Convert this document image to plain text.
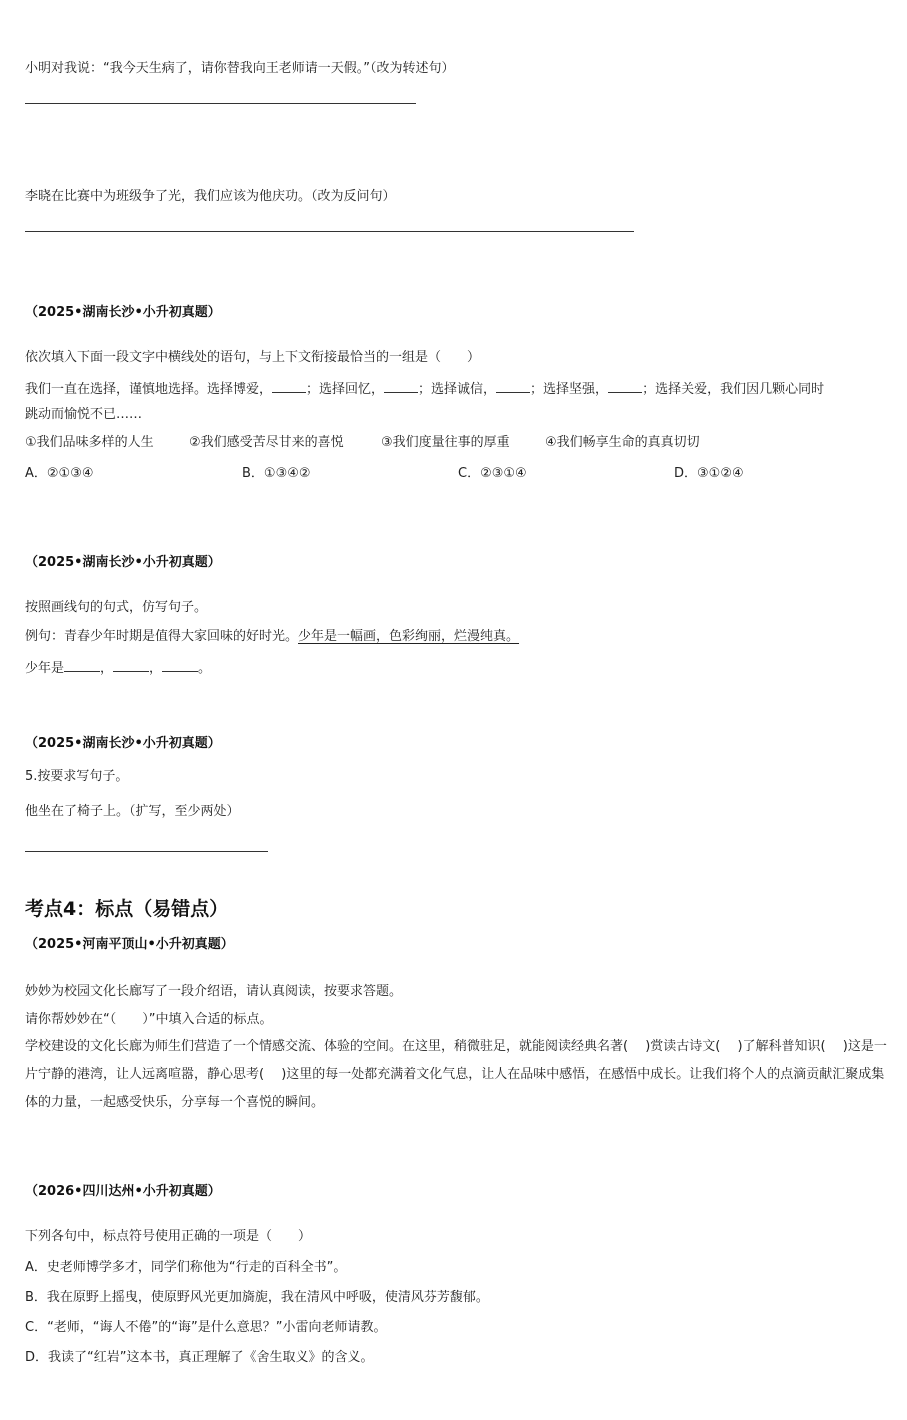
小明对我说：“我今天生病了，请你替我向王老师请一天假。”（改为转述句）
李晓在比赛中为班级争了光，我们应该为他庆功。（改为反问句）
（2025•湖南长沙•小升初真题）
依次填入下面一段文字中横线处的语句，与上下文衔接最恰当的一组是（　　）
我们一直在选择，谨慎地选择。选择博爱，	；选择回忆，	；选择诚信，	；选择坚强，	；选择关爱，我们因几颗心同时
跳动而愉悦不已……
①我们品味多样的人生	②我们感受苦尽甘来的喜悦	③我们度量往事的厚重	④我们畅享生命的真真切切
A．②①③④	B．①③④②	C．②③①④	D．③①②④
（2025•湖南长沙•小升初真题）
按照画线句的句式，仿写句子。
例句：青春少年时期是值得大家回味的好时光。少年是一幅画，色彩绚丽，烂漫纯真。
少年是	，	，	。
（2025•湖南长沙•小升初真题）
5.按要求写句子。
他坐在了椅子上。（扩写，至少两处）
考点4：标点（易错点）
（2025•河南平顶山•小升初真题）
妙妙为校园文化长廊写了一段介绍语，请认真阅读，按要求答题。
请你帮妙妙在“（　　）”中填入合适的标点。
学校建设的文化长廊为师生们营造了一个情感交流、体验的空间。在这里，稍微驻足，就能阅读经典名著(　 )赏读古诗文(　 )了解科普知识(　 )这是一片宁静的港湾，让人远离喧嚣，静心思考(　 )这里的每一处都充满着文化气息，让人在品味中感悟，在感悟中成长。让我们将个人的点滴贡献汇聚成集体的力量，一起感受快乐，分享每一个喜悦的瞬间。
（2026•四川达州•小升初真题）
下列各句中，标点符号使用正确的一项是（　　）
A．史老师博学多才，同学们称他为“行走的百科全书”。
B．我在原野上摇曳，使原野风光更加旖旎，我在清风中呼吸，使清风芬芳馥郁。
C．“老师，“诲人不倦”的“诲”是什么意思？”小雷向老师请教。
D．我读了“红岩”这本书，真正理解了《舍生取义》的含义。
